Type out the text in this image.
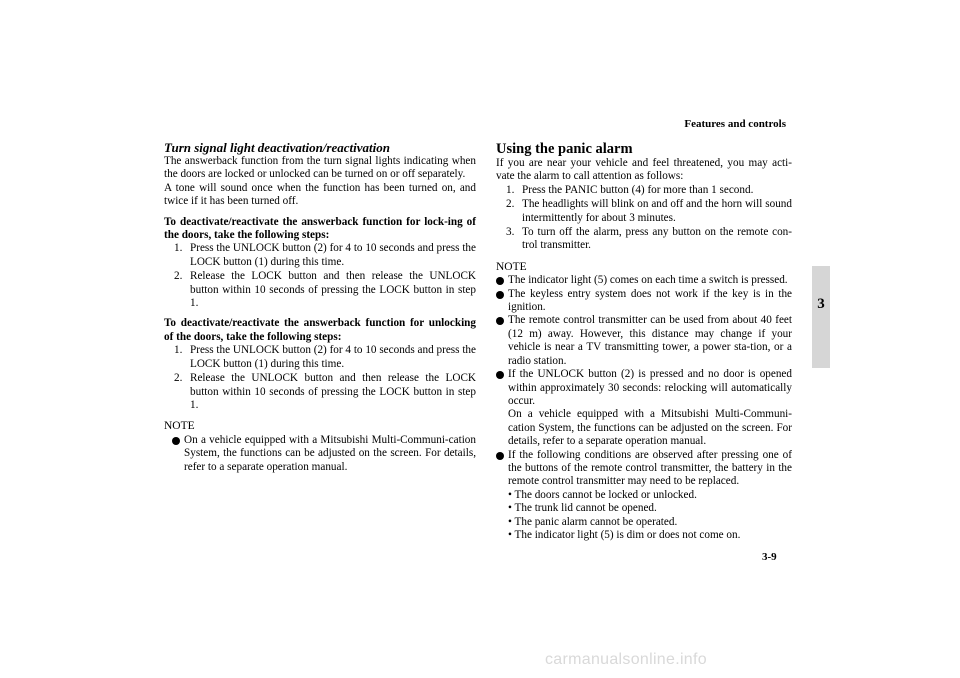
Features and controls
3
Turn signal light deactivation/reactivation

The answerback function from the turn signal lights indicating when the doors are locked or unlocked can be turned on or off separately.

A tone will sound once when the function has been turned on, and twice if it has been turned off.

To deactivate/reactivate the answerback function for lock-ing of the doors, take the following steps:

1. Press the UNLOCK button (2) for 4 to 10 seconds and press the LOCK button (1) during this time.
2. Release the LOCK button and then release the UNLOCK button within 10 seconds of pressing the LOCK button in step 1.

To deactivate/reactivate the answerback function for unlocking of the doors, take the following steps:

1. Press the UNLOCK button (2) for 4 to 10 seconds and press the LOCK button (1) during this time.
2. Release the UNLOCK button and then release the LOCK button within 10 seconds of pressing the LOCK button in step 1.
NOTE
On a vehicle equipped with a Mitsubishi Multi-Communi-cation System, the functions can be adjusted on the screen. For details, refer to a separate operation manual.
Using the panic alarm

If you are near your vehicle and feel threatened, you may acti-vate the alarm to call attention as follows:

1. Press the PANIC button (4) for more than 1 second.
2. The headlights will blink on and off and the horn will sound intermittently for about 3 minutes.
3. To turn off the alarm, press any button on the remote con-trol transmitter.
NOTE
The indicator light (5) comes on each time a switch is pressed.
The keyless entry system does not work if the key is in the ignition.
The remote control transmitter can be used from about 40 feet (12 m) away. However, this distance may change if your vehicle is near a TV transmitting tower, a power sta-tion, or a radio station.
If the UNLOCK button (2) is pressed and no door is opened within approximately 30 seconds: relocking will automatically occur.
On a vehicle equipped with a Mitsubishi Multi-Communi-cation System, the functions can be adjusted on the screen. For details, refer to a separate operation manual.
If the following conditions are observed after pressing one of the buttons of the remote control transmitter, the battery in the remote control transmitter may need to be replaced.
• The doors cannot be locked or unlocked.
• The trunk lid cannot be opened.
• The panic alarm cannot be operated.
• The indicator light (5) is dim or does not come on.
3-9
carmanualsonline.info
